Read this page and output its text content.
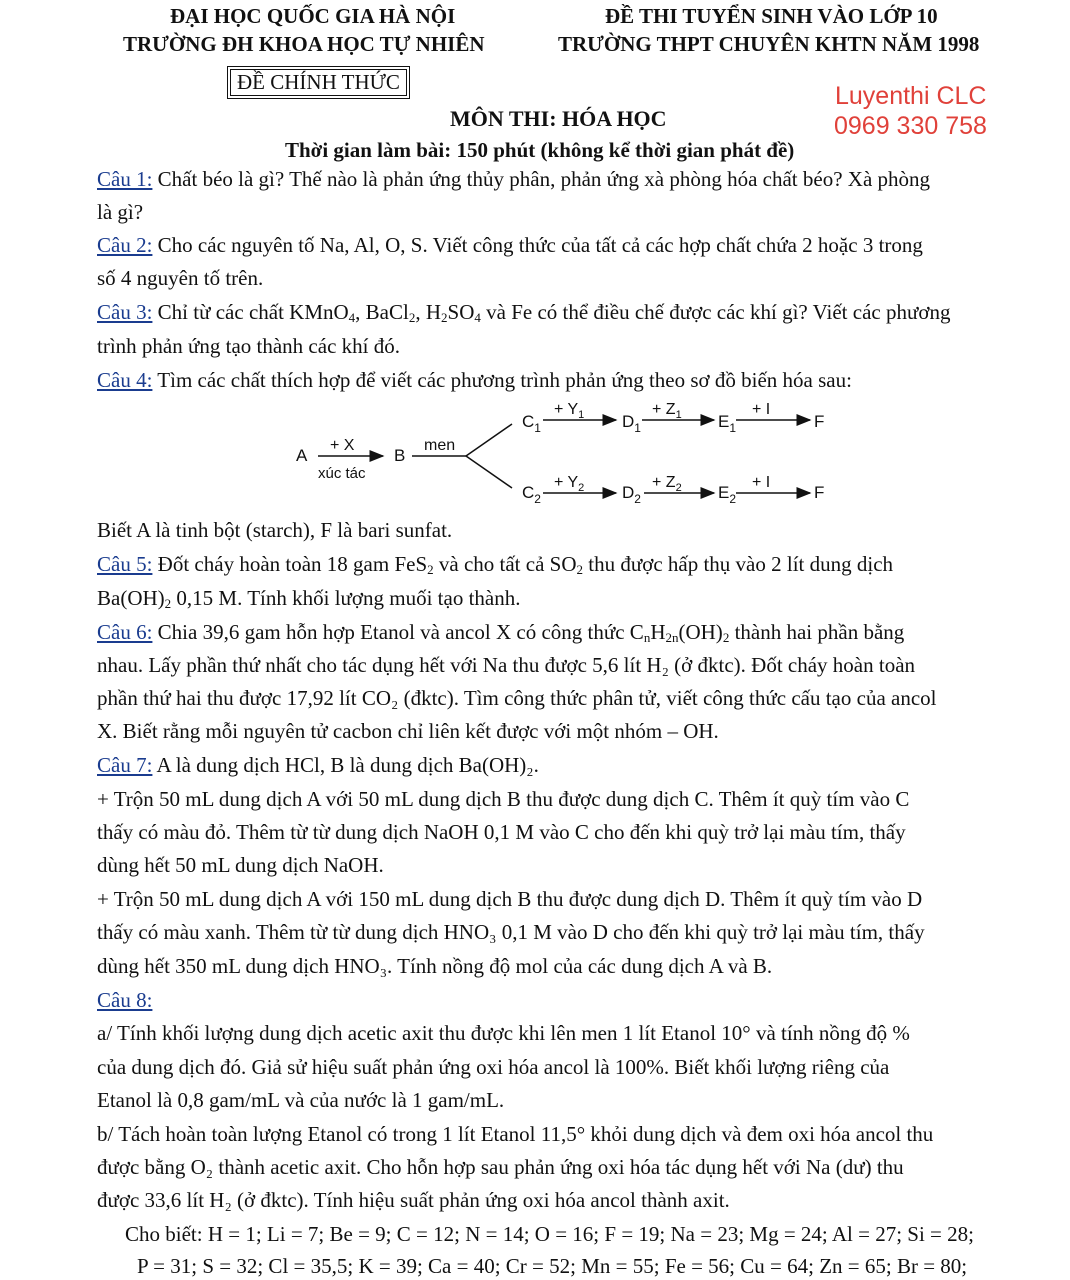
ĐẠI HỌC QUỐC GIA HÀ NỘI
TRƯỜNG ĐH KHOA HỌC TỰ NHIÊN
ĐỀ THI TUYỂN SINH VÀO LỚP 10
TRƯỜNG THPT CHUYÊN KHTN NĂM 1998
ĐỀ CHÍNH THỨC	Luyenthi CLC
0969 330 758
MÔN THI: HÓA HỌC
Thời gian làm bài: 150 phút (không kể thời gian phát đề)
Câu 1: Chất béo là gì? Thế nào là phản ứng thủy phân, phản ứng xà phòng hóa chất béo? Xà phòng
là gì?
Câu 2: Cho các nguyên tố Na, Al, O, S. Viết công thức của tất cả các hợp chất chứa 2 hoặc 3 trong
số 4 nguyên tố trên.
Câu 3: Chỉ từ các chất KMnO$_4$, BaCl$_2$, $H_2SO_4$ và Fe có thể điều chế được các khí gì? Viết các phương
trình phản ứng tạo thành các khí đó.
Câu 4: Tìm các chất thích hợp để viết các phương trình phản ứng theo sơ đồ biến hóa sau:
A
+ X
xúc tác
B
men
$C_1$
+ $Y_1$ $D_1$
+ $Z_1$ $E_1$
+ I
F
$C_2$
+ $Y_2$ $D_2$
+ $Z_2$ $E_2$
+ I
F
Biết A là tinh bột (starch), F là bari sunfat.
Câu 5: Đốt cháy hoàn toàn 18 gam FeS$_2$ và cho tất cả $SO_2$ thu được hấp thụ vào 2 lít dung dịch
$Ba(OH)_2$ 0,15 M. Tính khối lượng muối tạo thành.
Câu 6: Chia 39,6 gam hỗn hợp Etanol và ancol X có công thức $C_nH_{2n}(OH)_2$ thành hai phần bằng
nhau. Lấy phần thứ nhất cho tác dụng hết với Na thu được 5,6 lít H₂ (ở đktc). Đốt cháy hoàn toàn
phần thứ hai thu được 17,92 lít CO₂ (đktc). Tìm công thức phân tử, viết công thức cấu tạo của ancol
X. Biết rằng mỗi nguyên tử cacbon chỉ liên kết được với một nhóm – OH.
Câu 7: A là dung dịch HCl, B là dung dịch Ba(OH)₂.
+ Trộn 50 mL dung dịch A với 50 mL dung dịch B thu được dung dịch C. Thêm ít quỳ tím vào C
thấy có màu đỏ. Thêm từ từ dung dịch NaOH 0,1 M vào C cho đến khi quỳ trở lại màu tím, thấy
dùng hết 50 mL dung dịch NaOH.
+ Trộn 50 mL dung dịch A với 150 mL dung dịch B thu được dung dịch D. Thêm ít quỳ tím vào D
thấy có màu xanh. Thêm từ từ dung dịch HNO₃ 0,1 M vào D cho đến khi quỳ trở lại màu tím, thấy
dùng hết 350 mL dung dịch HNO₃. Tính nồng độ mol của các dung dịch A và B.
Câu 8:
a/ Tính khối lượng dung dịch acetic axit thu được khi lên men 1 lít Etanol 10° và tính nồng độ %
của dung dịch đó. Giả sử hiệu suất phản ứng oxi hóa ancol là 100%. Biết khối lượng riêng của
Etanol là 0,8 gam/mL và của nước là 1 gam/mL.
b/ Tách hoàn toàn lượng Etanol có trong 1 lít Etanol 11,5° khỏi dung dịch và đem oxi hóa ancol thu
được bằng O₂ thành acetic axit. Cho hỗn hợp sau phản ứng oxi hóa tác dụng hết với Na (dư) thu
được 33,6 lít H₂ (ở đktc). Tính hiệu suất phản ứng oxi hóa ancol thành axit.
Cho biết: H = 1; Li = 7; Be = 9; C = 12; N = 14; O = 16; F = 19; Na = 23; Mg = 24; Al = 27; Si = 28;
P = 31; S = 32; Cl = 35,5; K = 39; Ca = 40; Cr = 52; Mn = 55; Fe = 56; Cu = 64; Zn = 65; Br = 80;
